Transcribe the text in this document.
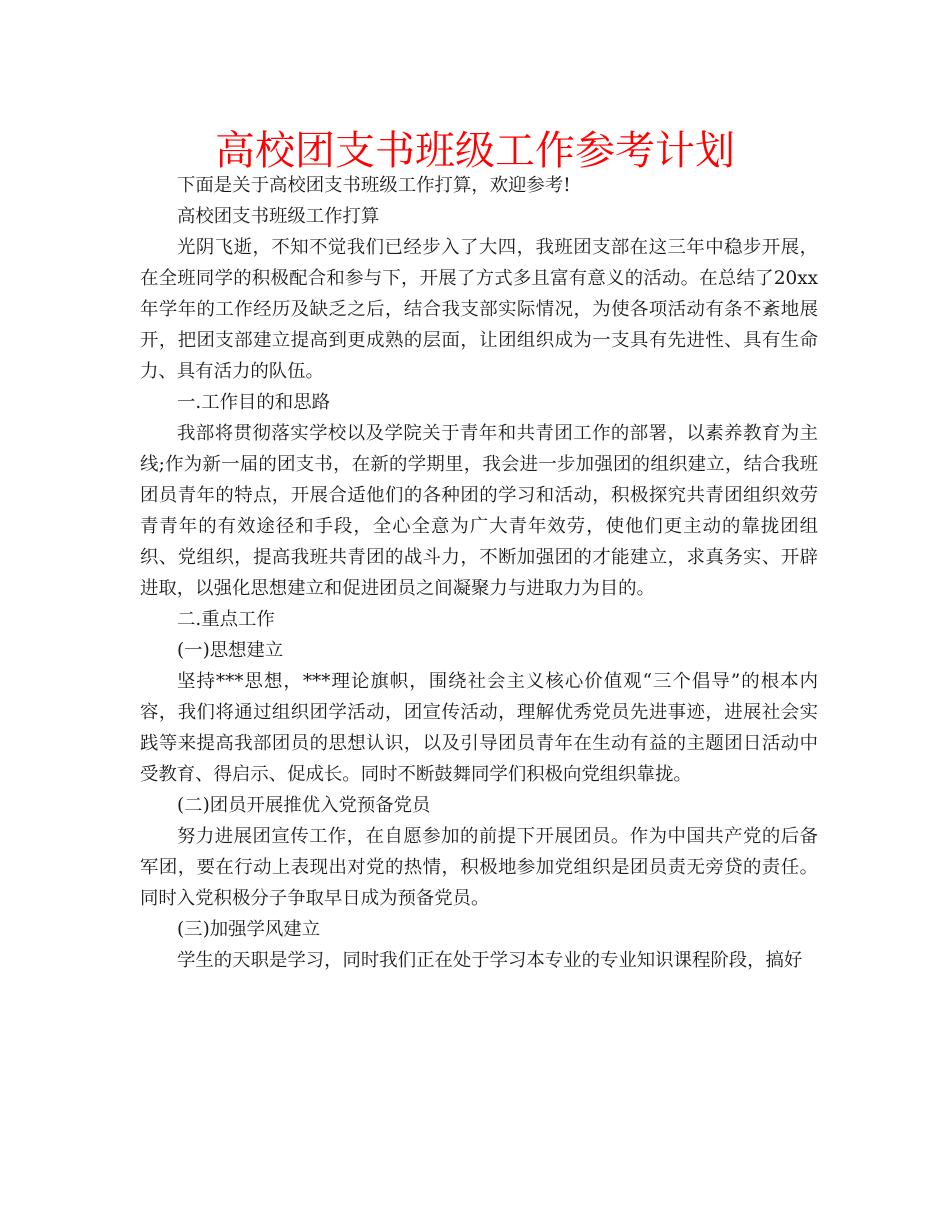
高校团支书班级工作参考计划

下面是关于高校团支书班级工作打算，欢迎参考!

高校团支书班级工作打算

光阴飞逝，不知不觉我们已经步入了大四，我班团支部在这三年中稳步开展，在全班同学的积极配合和参与下，开展了方式多且富有意义的活动。在总结了20xx年学年的工作经历及缺乏之后，结合我支部实际情况，为使各项活动有条不紊地展开，把团支部建立提高到更成熟的层面，让团组织成为一支具有先进性、具有生命力、具有活力的队伍。

一.工作目的和思路

我部将贯彻落实学校以及学院关于青年和共青团工作的部署，以素养教育为主线;作为新一届的团支书，在新的学期里，我会进一步加强团的组织建立，结合我班团员青年的特点，开展合适他们的各种团的学习和活动，积极探究共青团组织效劳青青年的有效途径和手段，全心全意为广大青年效劳，使他们更主动的靠拢团组织、党组织，提高我班共青团的战斗力，不断加强团的才能建立，求真务实、开辟进取，以强化思想建立和促进团员之间凝聚力与进取力为目的。

二.重点工作

(一)思想建立

坚持***思想，***理论旗帜，围绕社会主义核心价值观“三个倡导”的根本内容，我们将通过组织团学活动，团宣传活动，理解优秀党员先进事迹，进展社会实践等来提高我部团员的思想认识，以及引导团员青年在生动有益的主题团日活动中受教育、得启示、促成长。同时不断鼓舞同学们积极向党组织靠拢。

(二)团员开展推优入党预备党员

努力进展团宣传工作，在自愿参加的前提下开展团员。作为中国共产党的后备军团，要在行动上表现出对党的热情，积极地参加党组织是团员责无旁贷的责任。同时入党积极分子争取早日成为预备党员。

(三)加强学风建立

学生的天职是学习，同时我们正在处于学习本专业的专业知识课程阶段，搞好
